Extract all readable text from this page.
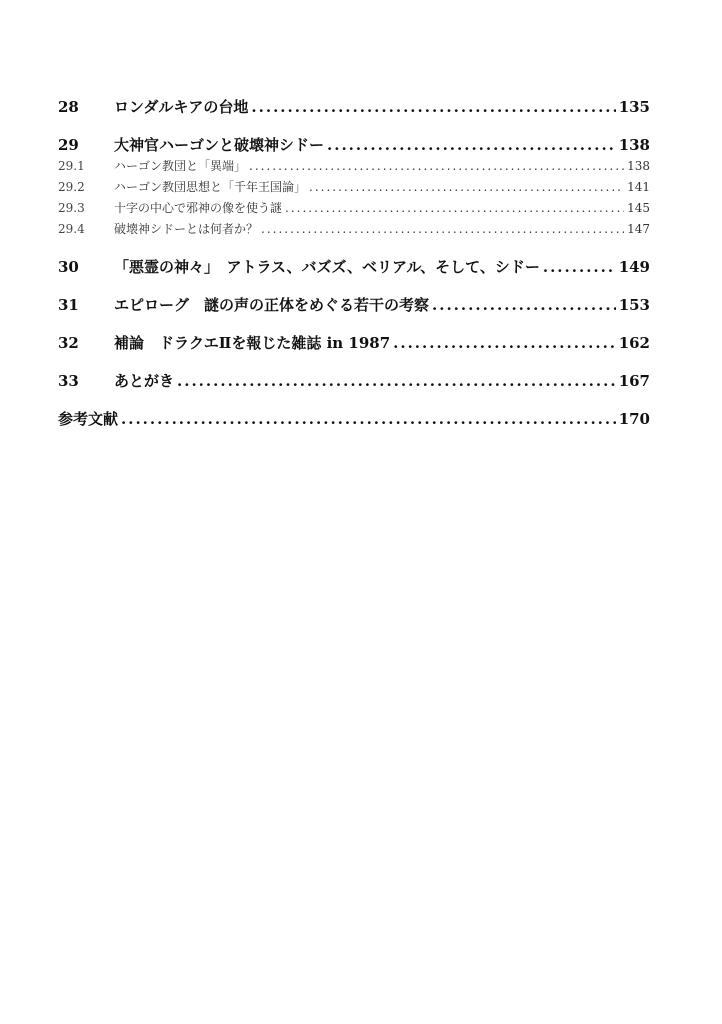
28	ロンダルキアの台地 .....	135
29	大神官ハーゴンと破壊神シドー .....	138
29.1	ハーゴン教団と「異端」 .....	138
29.2	ハーゴン教団思想と「千年王国論」 .....	141
29.3	十字の中心で邪神の像を使う謎 .....	145
29.4	破壊神シドーとは何者か？ .....	147
30	「悪霊の神々」　アトラス、バズズ、ベリアル、そして、シドー .....	149
31	エピローグ　謎の声の正体をめぐる若干の考察 .....	153
32	補論　ドラクエⅡを報じた雑誌 in 1987 .....	162
33	あとがき .....	167
参考文献 .....	170
